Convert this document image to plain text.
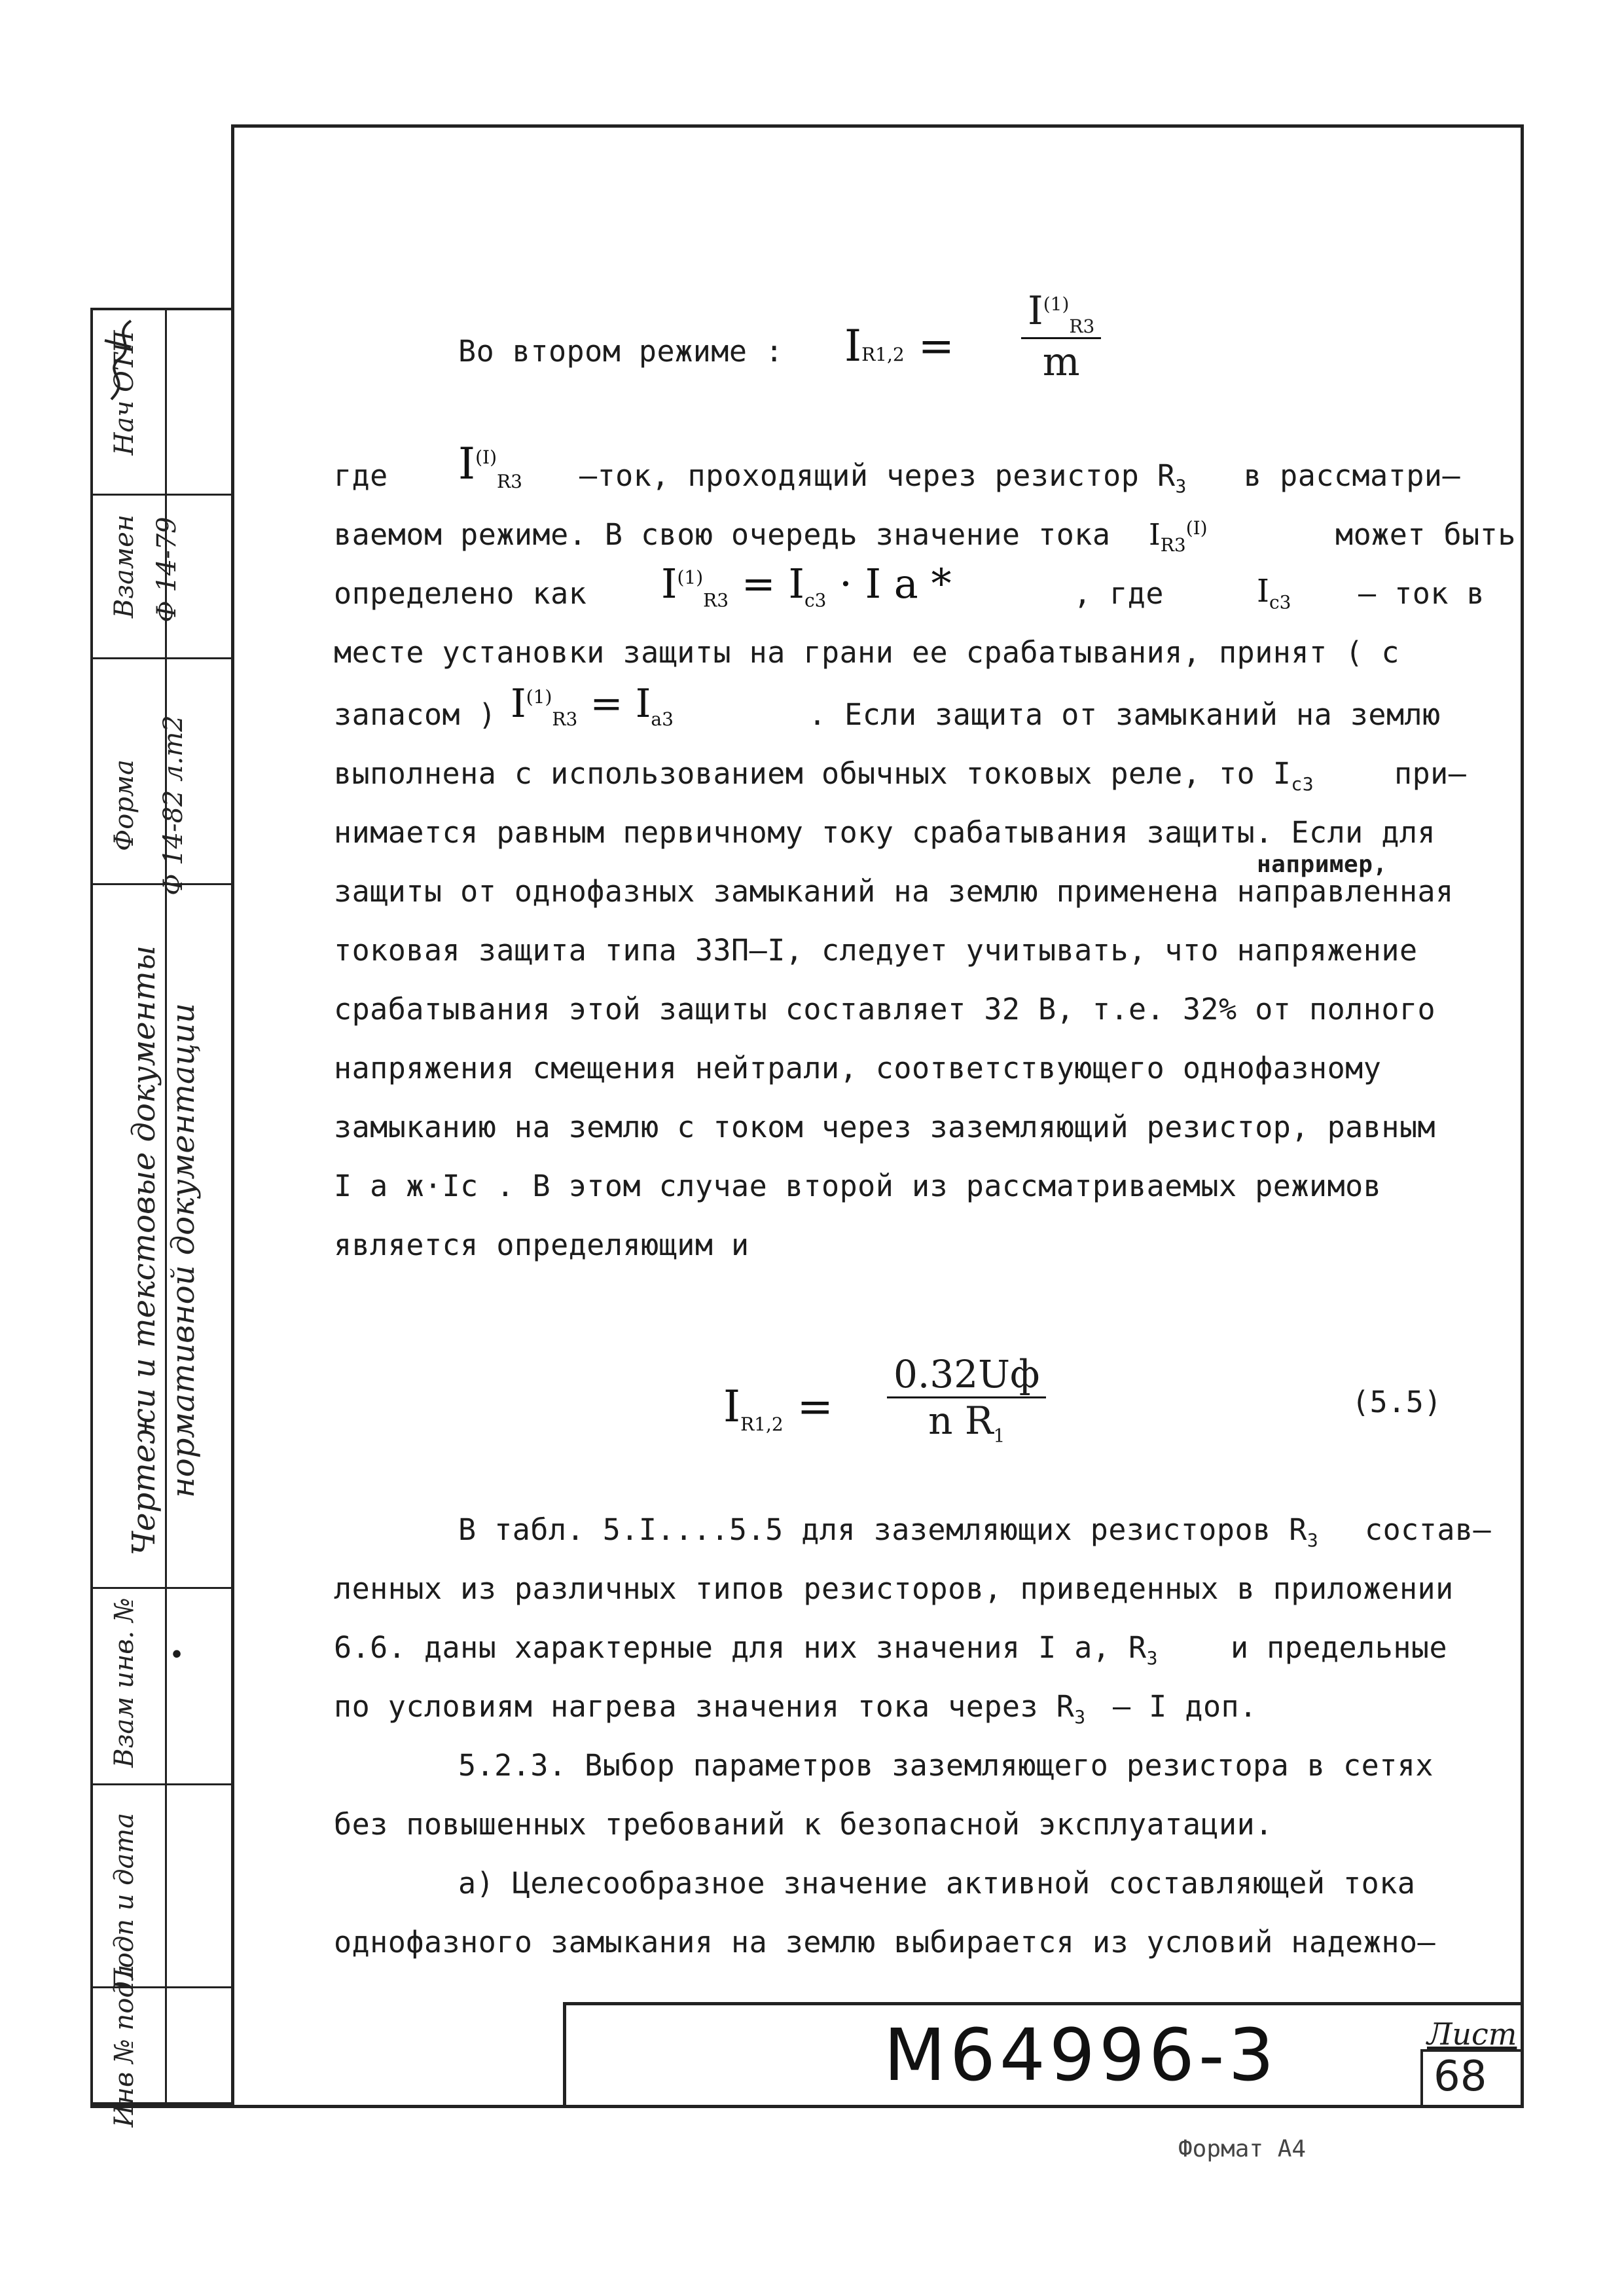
Нач ОТП
Взамен
Форма
Ф 14-79
Ф 14-82 л.т2
Чертежи и текстовые документы нормативной документации
Взам инв. №
Подп и дата
Инв № подл
•
Во втором режиме : $IR1,2 = \frac{I^{(1)}_{R3}}{m}$
где $I^{(I)}_{R3}$ –ток, проходящий через резистор $R_3$ в рассматри–
ваемом режиме. В свою очередь значение тока $I_{R3}^{(I)}$	может быть
определено как $I^{(1)}_{R3} = I_{c3} \cdot I$ a *	, где	$I_{c3}$ – ток в
месте установки защиты на грани ее срабатывания, принят ( с
запасом ) $I^{(1)}_{R3} = I_{a3}$	. Если защита от замыканий на землю
выполнена с использованием обычных токовых реле, то $I_{c3}$	при–
нимается равным первичному току срабатывания защиты. Если для
например,
защиты от однофазных замыканий на землю применена направленная
токовая защита типа ЗЗП–I, следует учитывать, что напряжение
срабатывания этой защиты составляет 32 В, т.е. 32% от полного
напряжения смещения нейтрали, соответствующего однофазному
замыканию на землю с током через заземляющий резистор, равным
I а ж·Iс . В этом случае второй из рассматриваемых режимов
является определяющим и
$I_{R1,2}$ =
0.32Uф
n $R_1$
(5.5)
В табл. 5.I....5.5 для заземляющих резисторов $R_3$ состав–
ленных из различных типов резисторов, приведенных в приложении
6.6. даны характерные для них значения I а, $R_3$ и предельные
по условиям нагрева значения тока через $R_3$ – I доп.
5.2.3. Выбор параметров заземляющего резистора в сетях
без повышенных требований к безопасной эксплуатации.
а) Целесообразное значение активной составляющей тока
однофазного замыкания на землю выбирается из условий надежно–
М64996-3	Лист
68
Формат А4
